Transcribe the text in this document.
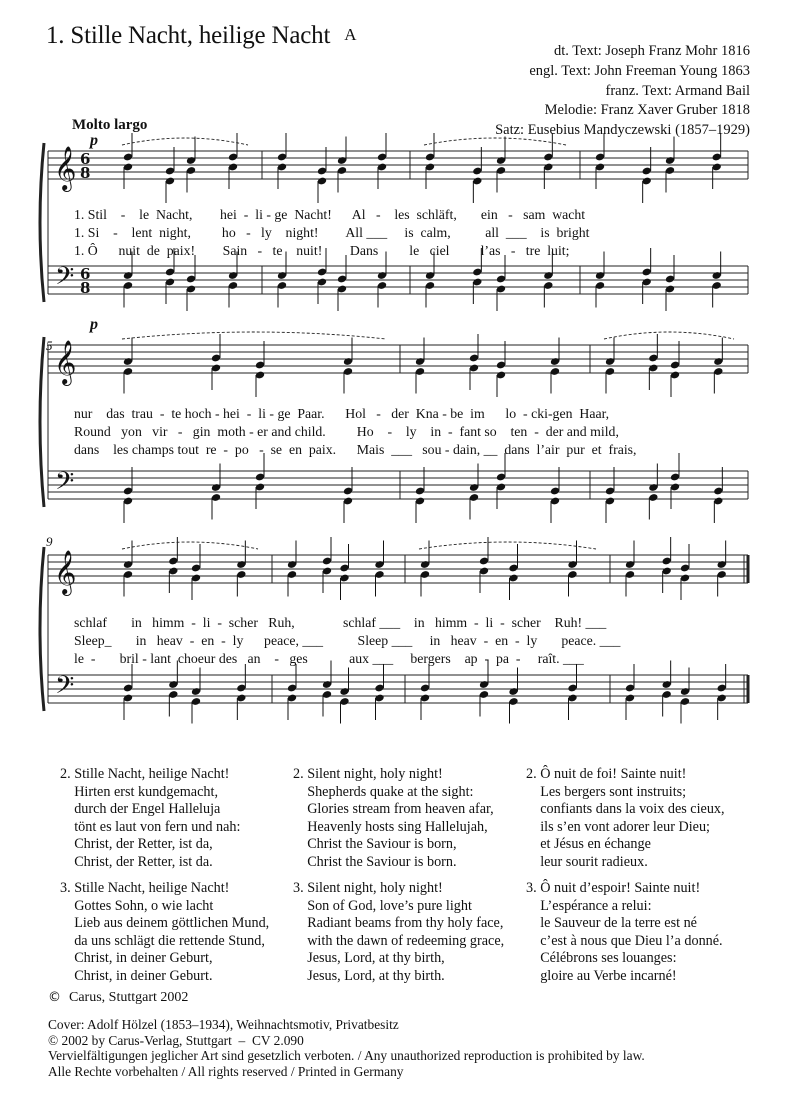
1. Stille Nacht, heilige Nacht A
dt. Text: Joseph Franz Mohr 1816
engl. Text: John Freeman Young 1863
franz. Text: Armand Bail
Melodie: Franz Xaver Gruber 1818
Satz: Eusebius Mandyczewski (1857–1929)
Molto largo
𝄞
𝄢
6
8
6
8
𝄞
𝄢
𝄞
𝄢
p
p
5
9
1. Stil    -    le  Nacht,        hei  -  li - ge  Nacht!      Al   -    les  schläft,       ein   -   sam  wacht
1. Si    -    lent  night,         ho   -   ly    night!        All ___     is  calm,          all  ___    is  bright
1. Ô      nuit  de  paix!        Sain   -   te    nuit!        Dans         le   ciel         l’as   -   tre  luit;
nur    das  trau  -  te hoch - hei  -  li - ge  Paar.      Hol   -   der  Kna - be  im      lo  - cki-gen  Haar,
Round   yon   vir   -   gin  moth - er and child.         Ho    -    ly    in  -  fant so    ten  -  der and mild,
dans    les champs tout  re  -  po   -  se  en  paix.      Mais  ___   sou - dain, __  dans  l’air  pur  et  frais,
schlaf       in   himm  -  li  -  scher   Ruh,              schlaf ___    in   himm  -  li  -  scher    Ruh! ___
Sleep_       in   heav  -  en  -  ly      peace, ___          Sleep ___     in   heav  -  en  -  ly       peace. ___
le  -       bril - lant  choeur des   an    -   ges            aux ___     bergers    ap  -  pa  -     raît. ___
2. Stille Nacht, heilige Nacht!
Hirten erst kundgemacht,
durch der Engel Halleluja
tönt es laut von fern und nah:
Christ, der Retter, ist da,
Christ, der Retter, ist da.
2. Silent night, holy night!
Shepherds quake at the sight:
Glories stream from heaven afar,
Heavenly hosts sing Hallelujah,
Christ the Saviour is born,
Christ the Saviour is born.
2. Ô nuit de foi! Sainte nuit!
Les bergers sont instruits;
confiants dans la voix des cieux,
ils s’en vont adorer leur Dieu;
et Jésus en échange
leur sourit radieux.
3. Stille Nacht, heilige Nacht!
Gottes Sohn, o wie lacht
Lieb aus deinem göttlichen Mund,
da uns schlägt die rettende Stund,
Christ, in deiner Geburt,
Christ, in deiner Geburt.
3. Silent night, holy night!
Son of God, love’s pure light
Radiant beams from thy holy face,
with the dawn of redeeming grace,
Jesus, Lord, at thy birth,
Jesus, Lord, at thy birth.
3. Ô nuit d’espoir! Sainte nuit!
L’espérance a relui:
le Sauveur de la terre est né
c’est à nous que Dieu l’a donné.
Célébrons ses louanges:
gloire au Verbe incarné!
© Carus, Stuttgart 2002
Cover: Adolf Hölzel (1853–1934), Weihnachtsmotiv, Privatbesitz
© 2002 by Carus-Verlag, Stuttgart  –  CV 2.090
Vervielfältigungen jeglicher Art sind gesetzlich verboten. / Any unauthorized reproduction is prohibited by law.
Alle Rechte vorbehalten / All rights reserved / Printed in Germany
